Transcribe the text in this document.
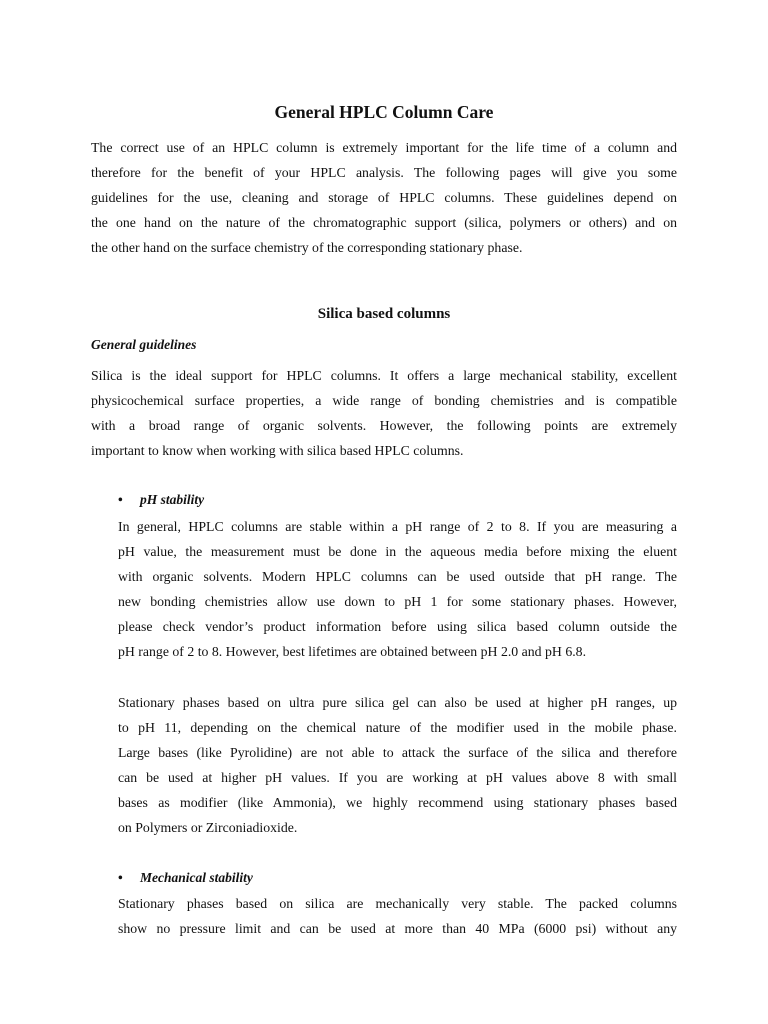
General HPLC Column Care
The correct use of an HPLC column is extremely important for the life time of a column and
therefore for the benefit of your HPLC analysis. The following pages will give you some
guidelines for the use, cleaning and storage of HPLC columns. These guidelines depend on
the one hand on the nature of the chromatographic support (silica, polymers or others) and on
the other hand on the surface chemistry of the corresponding stationary phase.
Silica based columns
General guidelines
Silica is the ideal support for HPLC columns. It offers a large mechanical stability, excellent
physicochemical surface properties, a wide range of bonding chemistries and is compatible
with a broad range of organic solvents. However, the following points are extremely
important to know when working with silica based HPLC columns.
• pH stability
In general, HPLC columns are stable within a pH range of 2 to 8. If you are measuring a
pH value, the measurement must be done in the aqueous media before mixing the eluent
with organic solvents. Modern HPLC columns can be used outside that pH range. The
new bonding chemistries allow use down to pH 1 for some stationary phases. However,
please check vendor’s product information before using silica based column outside the
pH range of 2 to 8. However, best lifetimes are obtained between pH 2.0 and pH 6.8.
Stationary phases based on ultra pure silica gel can also be used at higher pH ranges, up
to pH 11, depending on the chemical nature of the modifier used in the mobile phase.
Large bases (like Pyrolidine) are not able to attack the surface of the silica and therefore
can be used at higher pH values. If you are working at pH values above 8 with small
bases as modifier (like Ammonia), we highly recommend using stationary phases based
on Polymers or Zirconiadioxide.
• Mechanical stability
Stationary phases based on silica are mechanically very stable. The packed columns
show no pressure limit and can be used at more than 40 MPa (6000 psi) without any
